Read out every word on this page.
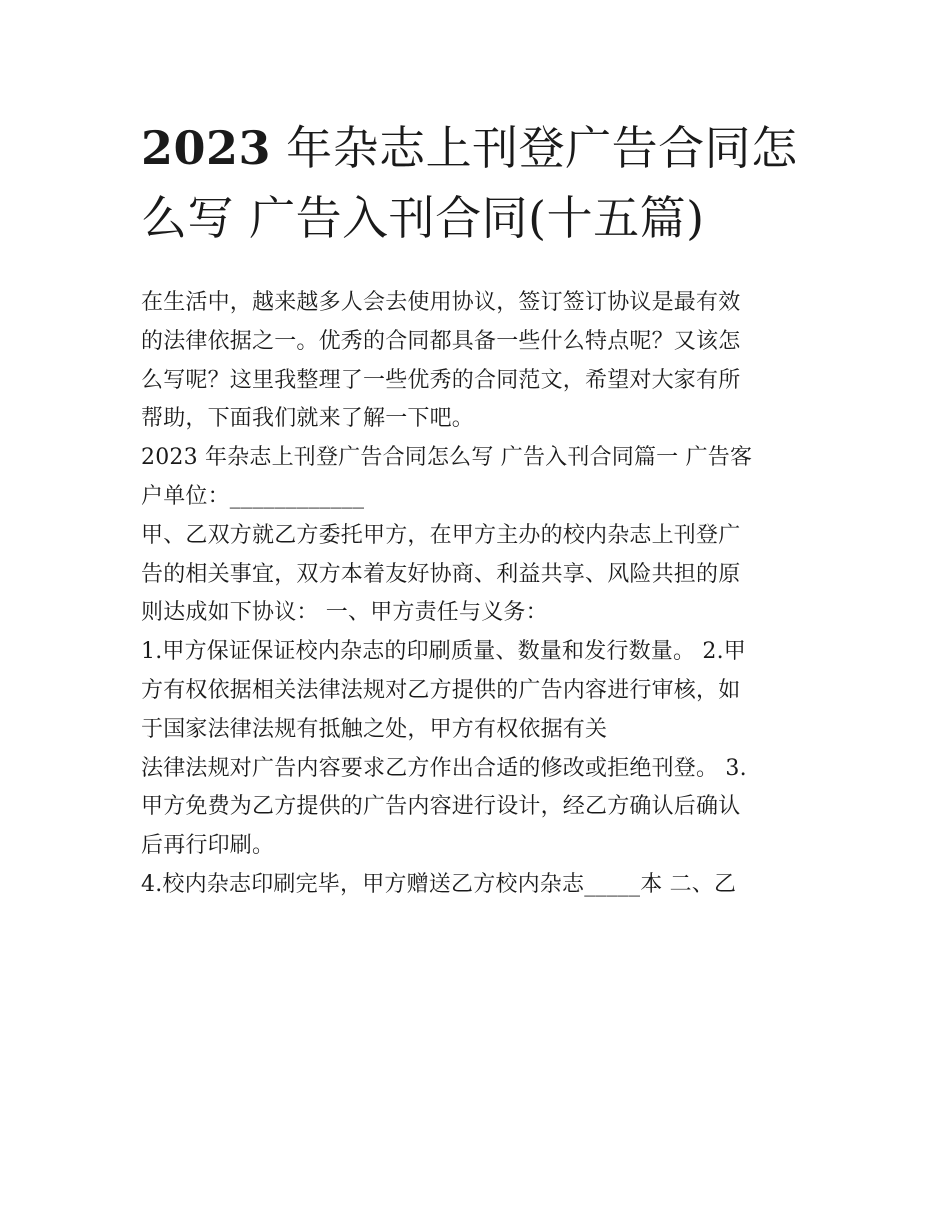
2023 年杂志上刊登广告合同怎
么写 广告入刊合同(十五篇)
在生活中，越来越多人会去使用协议，签订签订协议是最有效
的法律依据之一。优秀的合同都具备一些什么特点呢？又该怎
么写呢？这里我整理了一些优秀的合同范文，希望对大家有所
帮助，下面我们就来了解一下吧。
2023 年杂志上刊登广告合同怎么写 广告入刊合同篇一 广告客
户单位：____________
甲、乙双方就乙方委托甲方，在甲方主办的校内杂志上刊登广
告的相关事宜，双方本着友好协商、利益共享、风险共担的原
则达成如下协议： 一、甲方责任与义务：
1.甲方保证保证校内杂志的印刷质量、数量和发行数量。 2.甲
方有权依据相关法律法规对乙方提供的广告内容进行审核，如
于国家法律法规有抵触之处，甲方有权依据有关
法律法规对广告内容要求乙方作出合适的修改或拒绝刊登。 3.
甲方免费为乙方提供的广告内容进行设计，经乙方确认后确认
后再行印刷。
4.校内杂志印刷完毕，甲方赠送乙方校内杂志_____本 二、乙
